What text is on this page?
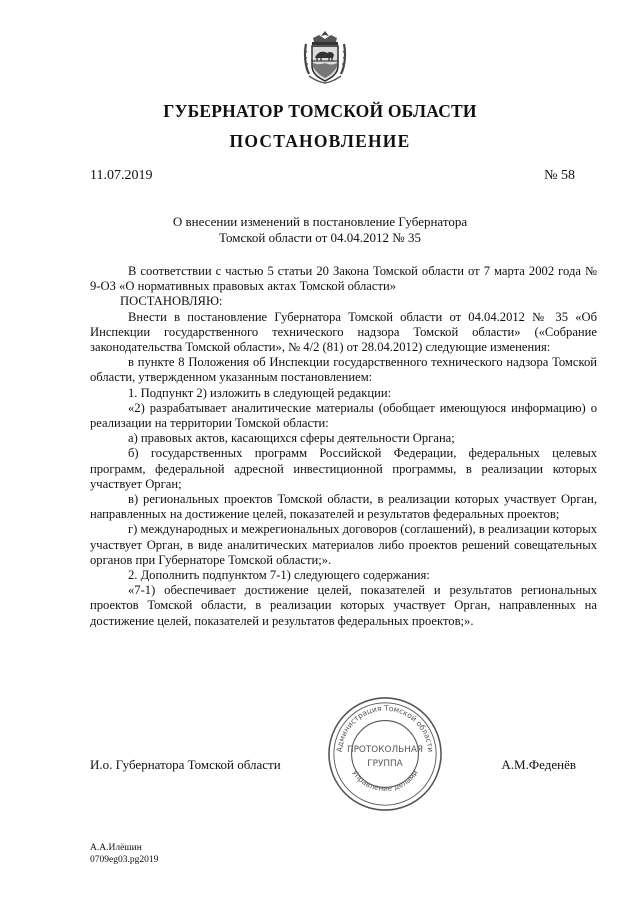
ГУБЕРНАТОР ТОМСКОЙ ОБЛАСТИ
ПОСТАНОВЛЕНИЕ
11.07.2019	№ 58
О внесении изменений в постановление Губернатора
Томской области от 04.04.2012 № 35

В соответствии с частью 5 статьи 20 Закона Томской области от 7 марта 2002 года № 9-ОЗ «О нормативных правовых актах Томской области»

ПОСТАНОВЛЯЮ:

Внести в постановление Губернатора Томской области от 04.04.2012 № 35 «Об Инспекции государственного технического надзора Томской области» («Собрание законодательства Томской области», № 4/2 (81) от 28.04.2012) следующие изменения:

в пункте 8 Положения об Инспекции государственного технического надзора Томской области, утвержденном указанным постановлением:

1. Подпункт 2) изложить в следующей редакции:

«2) разрабатывает аналитические материалы (обобщает имеющуюся информацию) о реализации на территории Томской области:

а) правовых актов, касающихся сферы деятельности Органа;

б) государственных программ Российской Федерации, федеральных целевых программ, федеральной адресной инвестиционной программы, в реализации которых участвует Орган;

в) региональных проектов Томской области, в реализации которых участвует Орган, направленных на достижение целей, показателей и результатов федеральных проектов;

г) международных и межрегиональных договоров (соглашений), в реализации которых участвует Орган, в виде аналитических материалов либо проектов решений совещательных органов при Губернаторе Томской области;».

2. Дополнить подпунктом 7-1) следующего содержания:

«7-1) обеспечивает достижение целей, показателей и результатов региональных проектов Томской области, в реализации которых участвует Орган, направленных на достижение целей, показателей и результатов федеральных проектов;».

И.о. Губернатора Томской области	А.М.Феденёв
Администрация Томской области
Управление делами
ПРОТОКОЛЬНАЯ
ГРУППА
А.А.Илёшин
0709eg03.pg2019
